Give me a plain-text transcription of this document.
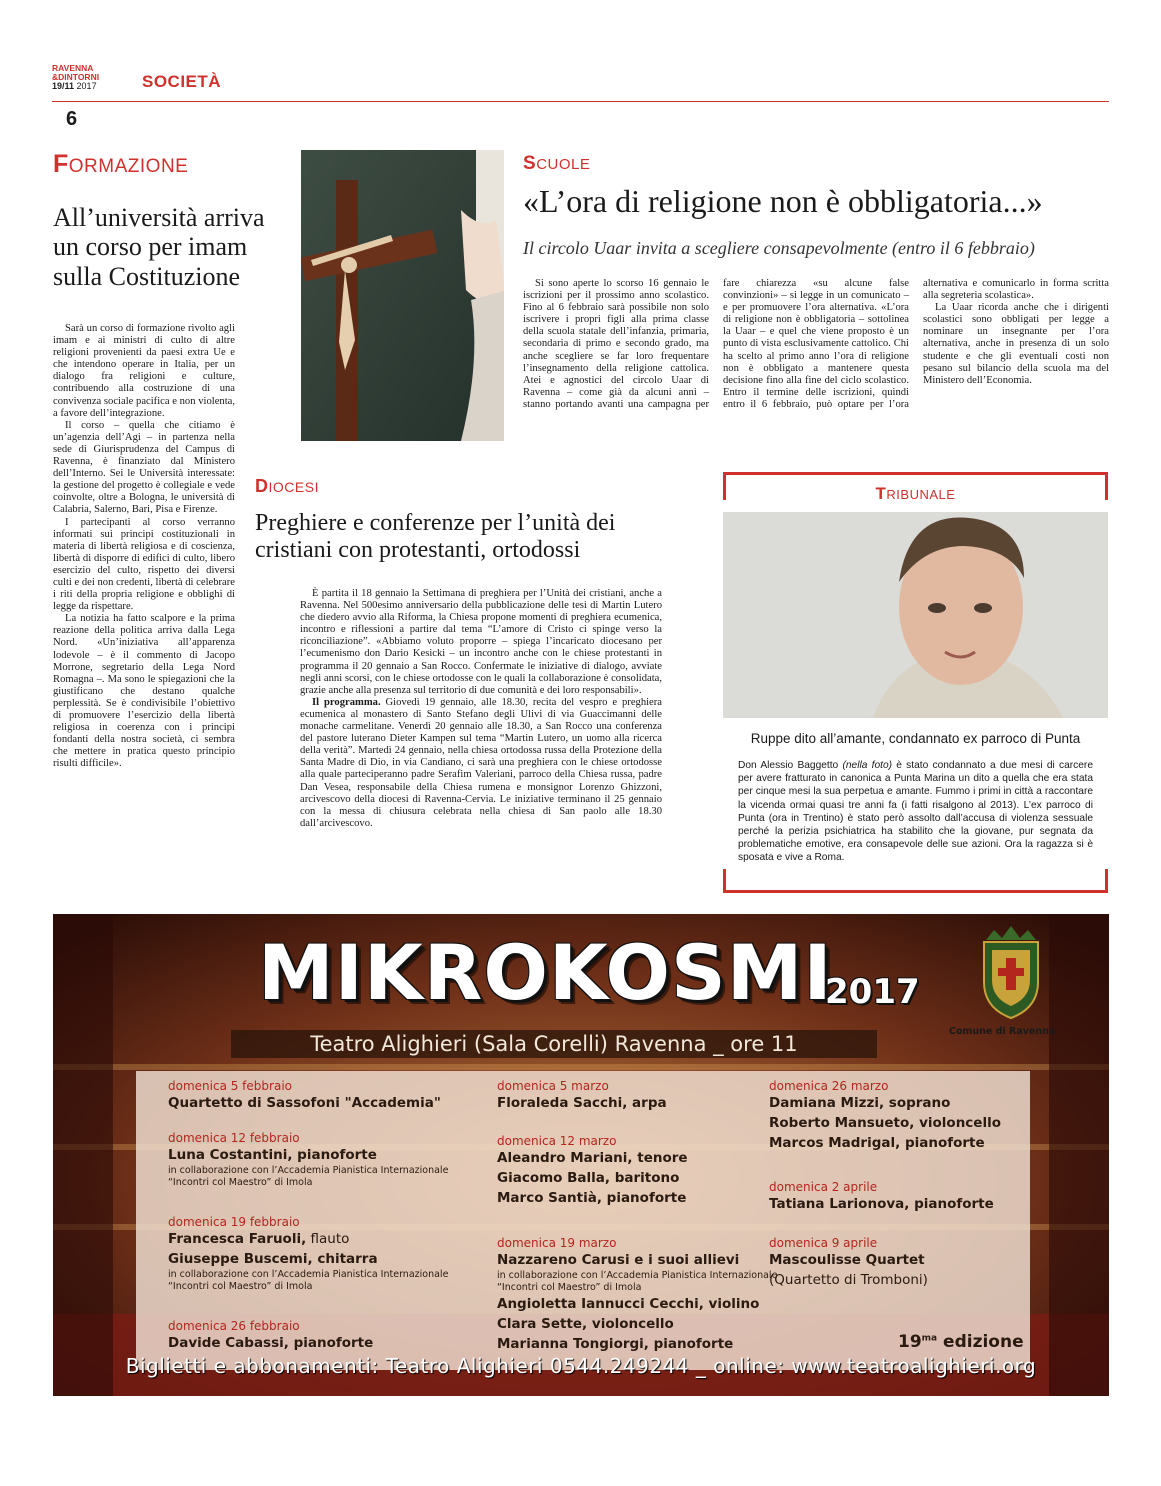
RAVENNA
&DINTORNI
19/11 2017	SOCIETÀ
6
FORMAZIONE
All’università arriva un corso per imam sulla Costituzione

Sarà un corso di formazione rivolto agli imam e ai ministri di culto di altre religioni provenienti da paesi extra Ue e che intendono operare in Italia, per un dialogo fra religioni e culture, contribuendo alla costruzione di una convivenza sociale pacifica e non violenta, a favore dell’integrazione.

Il corso – quella che citiamo è un’agenzia dell’Agi – in partenza nella sede di Giurisprudenza del Campus di Ravenna, è finanziato dal Ministero dell’Interno. Sei le Università interessate: la gestione del progetto è collegiale e vede coinvolte, oltre a Bologna, le università di Calabria, Salerno, Bari, Pisa e Firenze.

I partecipanti al corso verranno informati sui principi costituzionali in materia di libertà religiosa e di coscienza, libertà di disporre di edifici di culto, libero esercizio del culto, rispetto dei diversi culti e dei non credenti, libertà di celebrare i riti della propria religione e obblighi di legge da rispettare.

La notizia ha fatto scalpore e la prima reazione della politica arriva dalla Lega Nord. «Un’iniziativa all’apparenza lodevole – è il commento di Jacopo Morrone, segretario della Lega Nord Romagna –. Ma sono le spiegazioni che la giustificano che destano qualche perplessità. Se è condivisibile l’obiettivo di promuovere l’esercizio della libertà religiosa in coerenza con i principi fondanti della nostra società, ci sembra che mettere in pratica questo principio risulti difficile».

SCUOLE
«L’ora di religione non è obbligatoria...»
Il circolo Uaar invita a scegliere consapevolmente (entro il 6 febbraio)

Si sono aperte lo scorso 16 gennaio le iscrizioni per il prossimo anno scolastico. Fino al 6 febbraio sarà possibile non solo iscrivere i propri figli alla prima classe della scuola statale dell’infanzia, primaria, secondaria di primo e secondo grado, ma anche scegliere se far loro frequentare l’insegnamento della religione cattolica. Atei e agnostici del circolo Uaar di Ravenna – come già da alcuni anni – stanno portando avanti una campagna per fare chiarezza «su alcune false convinzioni» – si legge in un comunicato – e per promuovere l’ora alternativa. «L’ora di religione non è obbligatoria – sottolinea la Uaar – e quel che viene proposto è un punto di vista esclusivamente cattolico. Chi ha scelto al primo anno l’ora di religione non è obbligato a mantenere questa decisione fino alla fine del ciclo scolastico. Entro il termine delle iscrizioni, quindi entro il 6 febbraio, può optare per l’ora alternativa e comunicarlo in forma scritta alla segreteria scolastica».

La Uaar ricorda anche che i dirigenti scolastici sono obbligati per legge a nominare un insegnante per l’ora alternativa, anche in presenza di un solo studente e che gli eventuali costi non pesano sul bilancio della scuola ma del Ministero dell’Economia.

DIOCESI
Preghiere e conferenze per l’unità dei cristiani con protestanti, ortodossi

È partita il 18 gennaio la Settimana di preghiera per l’Unità dei cristiani, anche a Ravenna. Nel 500esimo anniversario della pubblicazione delle tesi di Martin Lutero che diedero avvio alla Riforma, la Chiesa propone momenti di preghiera ecumenica, incontro e riflessioni a partire dal tema “L’amore di Cristo ci spinge verso la riconciliazione”. «Abbiamo voluto proporre – spiega l’incaricato diocesano per l’ecumenismo don Dario Kesicki – un incontro anche con le chiese protestanti in programma il 20 gennaio a San Rocco. Confermate le iniziative di dialogo, avviate negli anni scorsi, con le chiese ortodosse con le quali la collaborazione è consolidata, grazie anche alla presenza sul territorio di due comunità e dei loro responsabili».

Il programma. Giovedì 19 gennaio, alle 18.30, recita del vespro e preghiera ecumenica al monastero di Santo Stefano degli Ulivi di via Guaccimanni delle monache carmelitane. Venerdì 20 gennaio alle 18.30, a San Rocco una conferenza del pastore luterano Dieter Kampen sul tema “Martin Lutero, un uomo alla ricerca della verità”. Martedì 24 gennaio, nella chiesa ortodossa russa della Protezione della Santa Madre di Dio, in via Candiano, ci sarà una preghiera con le chiese ortodosse alla quale parteciperanno padre Serafim Valeriani, parroco della Chiesa russa, padre Dan Vesea, responsabile della Chiesa rumena e monsignor Lorenzo Ghizzoni, arcivescovo della diocesi di Ravenna-Cervia. Le iniziative terminano il 25 gennaio con la messa di chiusura celebrata nella chiesa di San paolo alle 18.30 dall’arcivescovo.

TRIBUNALE
Ruppe dito all’amante, condannato ex parroco di Punta
Don Alessio Baggetto (nella foto) è stato condannato a due mesi di carcere per avere fratturato in canonica a Punta Marina un dito a quella che era stata per cinque mesi la sua perpetua e amante. Fummo i primi in città a raccontare la vicenda ormai quasi tre anni fa (i fatti risalgono al 2013). L’ex parroco di Punta (ora in Trentino) è stato però assolto dall’accusa di violenza sessuale perché la perizia psichiatrica ha stabilito che la giovane, pur segnata da problematiche emotive, era consapevole delle sue azioni. Ora la ragazza si è sposata e vive a Roma.
MIKROKOSMI
2017
Teatro Alighieri (Sala Corelli) Ravenna _ ore 11
Comune di Ravenna
domenica 5 febbraio
Quartetto di Sassofoni "Accademia"
domenica 12 febbraio
Luna Costantini, pianoforte
in collaborazione con l’Accademia Pianistica Internazionale “Incontri col Maestro” di Imola
domenica 19 febbraio
Francesca Faruoli, flauto
Giuseppe Buscemi, chitarra
in collaborazione con l’Accademia Pianistica Internazionale “Incontri col Maestro” di Imola
domenica 26 febbraio
Davide Cabassi, pianoforte
domenica 5 marzo
Floraleda Sacchi, arpa
domenica 12 marzo
Aleandro Mariani, tenore
Giacomo Balla, baritono
Marco Santià, pianoforte
domenica 19 marzo
Nazzareno Carusi e i suoi allievi
in collaborazione con l’Accademia Pianistica Internazionale “Incontri col Maestro” di Imola
Angioletta Iannucci Cecchi, violino
Clara Sette, violoncello
Marianna Tongiorgi, pianoforte
domenica 26 marzo
Damiana Mizzi, soprano
Roberto Mansueto, violoncello
Marcos Madrigal, pianoforte
domenica 2 aprile
Tatiana Larionova, pianoforte
domenica 9 aprile
Mascoulisse Quartet
(Quartetto di Tromboni)
$19^{ma}$ edizione
Biglietti e abbonamenti: Teatro Alighieri 0544.249244 _ online: www.teatroalighieri.org
